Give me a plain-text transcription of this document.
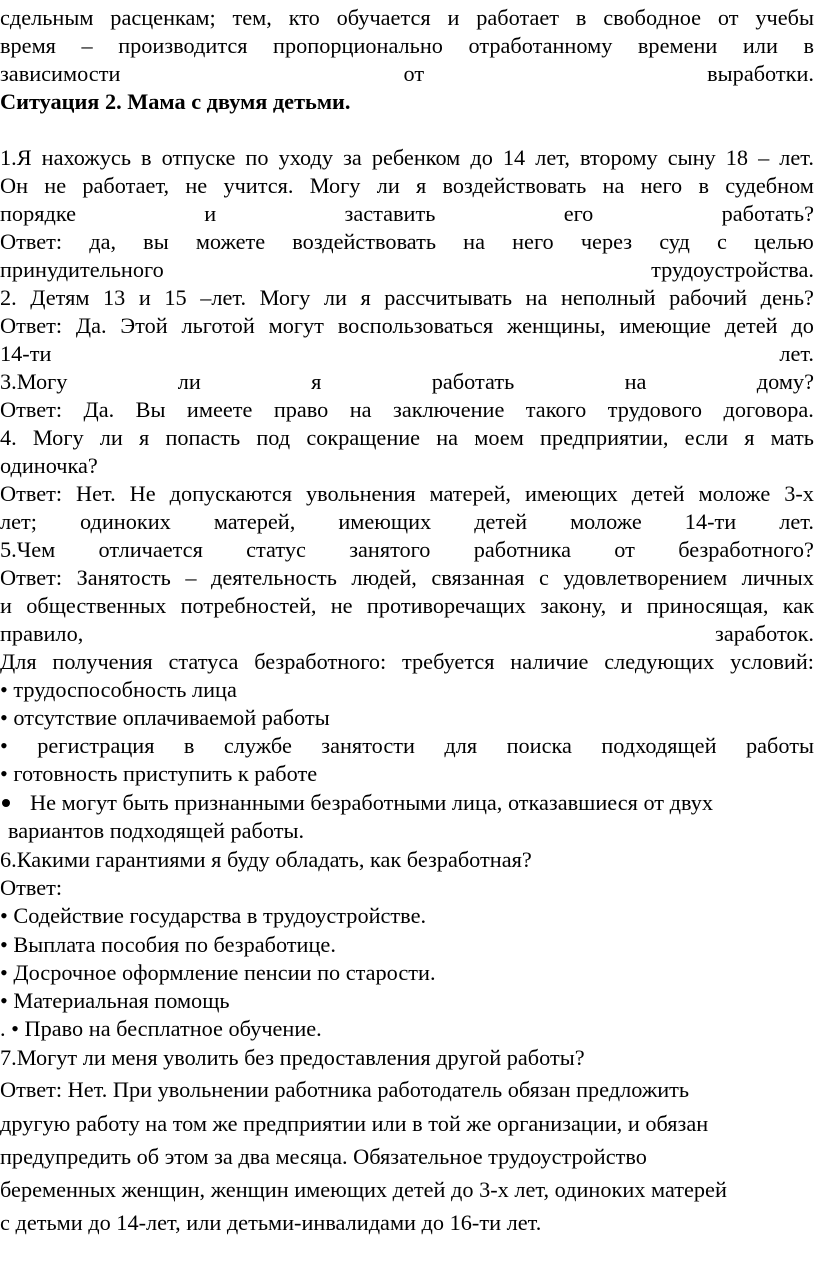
сдельным расценкам; тем, кто обучается и работает в свободное от учебы
время – производится пропорционально отработанному времени или в
зависимости	от	выработки.
Ситуация 2. Мама с двумя детьми.
1.Я нахожусь в отпуске по уходу за ребенком до 14 лет, второму сыну 18 – лет.
Он не работает, не учится. Могу ли я воздействовать на него в судебном
порядке	и	заставить	его	работать?
Ответ: да, вы можете воздействовать на него через суд с целью
принудительного	трудоустройства.
2. Детям 13 и 15 –лет. Могу ли я рассчитывать на неполный рабочий день?
Ответ: Да. Этой льготой могут воспользоваться женщины, имеющие детей до
14-ти	лет.
3.Могу	ли	я	работать	на	дому?
Ответ: Да. Вы имеете право на заключение такого трудового договора.
4. Могу ли я попасть под сокращение на моем предприятии, если я мать
одиночка?
Ответ: Нет. Не допускаются увольнения матерей, имеющих детей моложе 3-х
лет; одиноких матерей, имеющих детей моложе 14-ти лет.
5.Чем отличается статус занятого работника от безработного?
Ответ: Занятость – деятельность людей, связанная с удовлетворением личных
и общественных потребностей, не противоречащих закону, и приносящая, как
правило,	заработок.
Для получения статуса безработного: требуется наличие следующих условий:
• трудоспособность лица
• отсутствие оплачиваемой работы
• регистрация в службе занятости для поиска подходящей работы
• готовность приступить к работе
Не могут быть признанными безработными лица, отказавшиеся от двух
вариантов подходящей работы.
6.Какими гарантиями я буду обладать, как безработная?
Ответ:
• Содействие государства в трудоустройстве.
• Выплата пособия по безработице.
• Досрочное оформление пенсии по старости.
• Материальная помощь
. • Право на бесплатное обучение.
7.Могут ли меня уволить без предоставления другой работы?
Ответ: Нет. При увольнении работника работодатель обязан предложить
другую работу на том же предприятии или в той же организации, и обязан
предупредить об этом за два месяца. Обязательное трудоустройство
беременных женщин, женщин имеющих детей до 3-х лет, одиноких матерей
с детьми до 14-лет, или детьми-инвалидами до 16-ти лет.
